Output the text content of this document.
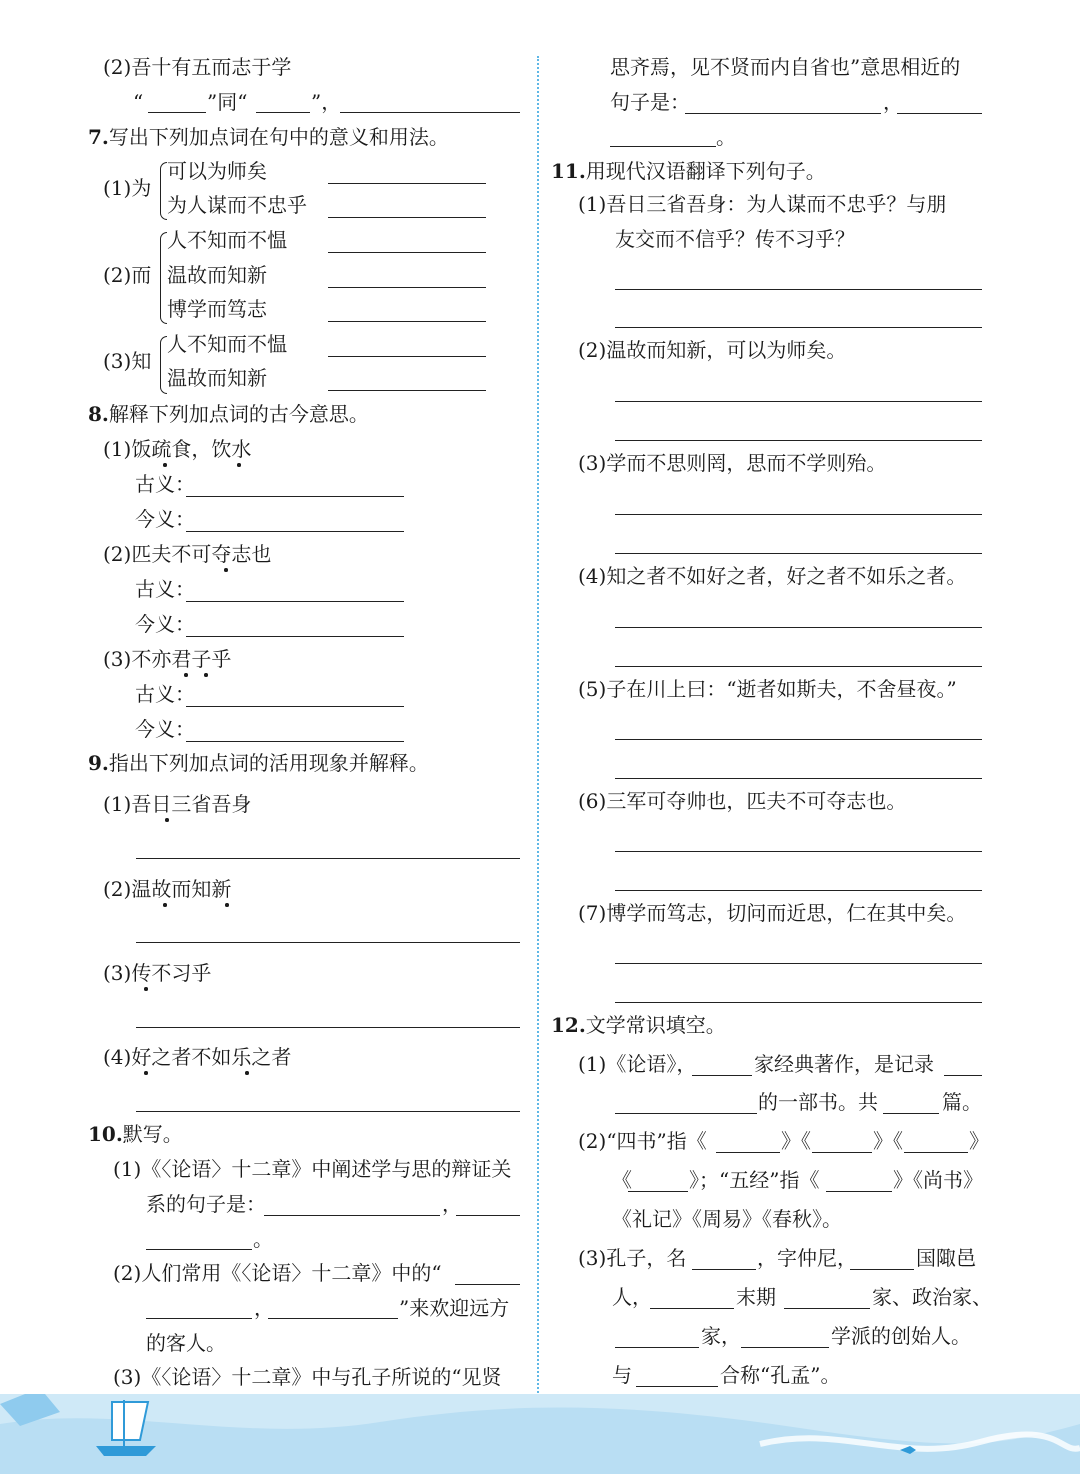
(2)吾十有五而志于学
“	”同“	”，
7.写出下列加点词在句中的意义和用法。
(1)为
可以为师矣
为人谋而不忠乎
(2)而
人不知而不愠
温故而知新
博学而笃志
(3)知
人不知而不愠
温故而知新
8.解释下列加点词的古今意思。
(1)饭疏食，饮水
古义：
今义：
(2)匹夫不可夺志也
古义：
今义：
(3)不亦君子乎
古义：
今义：
9.指出下列加点词的活用现象并解释。
(1)吾日三省吾身
(2)温故而知新
(3)传不习乎
(4)好之者不如乐之者
10.默写。
(1)《〈论语〉十二章》中阐述学与思的辩证关
系的句子是：	，
。
(2)人们常用《〈论语〉十二章》中的“
，	”来欢迎远方
的客人。
(3)《〈论语〉十二章》中与孔子所说的“见贤
思齐焉，见不贤而内自省也”意思相近的
句子是：	，
。
11.用现代汉语翻译下列句子。
(1)吾日三省吾身：为人谋而不忠乎？与朋
友交而不信乎？传不习乎？
(2)温故而知新，可以为师矣。
(3)学而不思则罔，思而不学则殆。
(4)知之者不如好之者，好之者不如乐之者。
(5)子在川上曰：“逝者如斯夫，不舍昼夜。”
(6)三军可夺帅也，匹夫不可夺志也。
(7)博学而笃志，切问而近思，仁在其中矣。
12.文学常识填空。
(1)《论语》，	家经典著作，是记录
的一部书。共	篇。
(2)“四书”指《	》《	》《	》
《	》；“五经”指《	》《尚书》
《礼记》《周易》《春秋》。
(3)孔子，名	，字仲尼，	国陬邑
人，	末期	家、政治家、
家，	学派的创始人。
与	合称“孔孟”。
